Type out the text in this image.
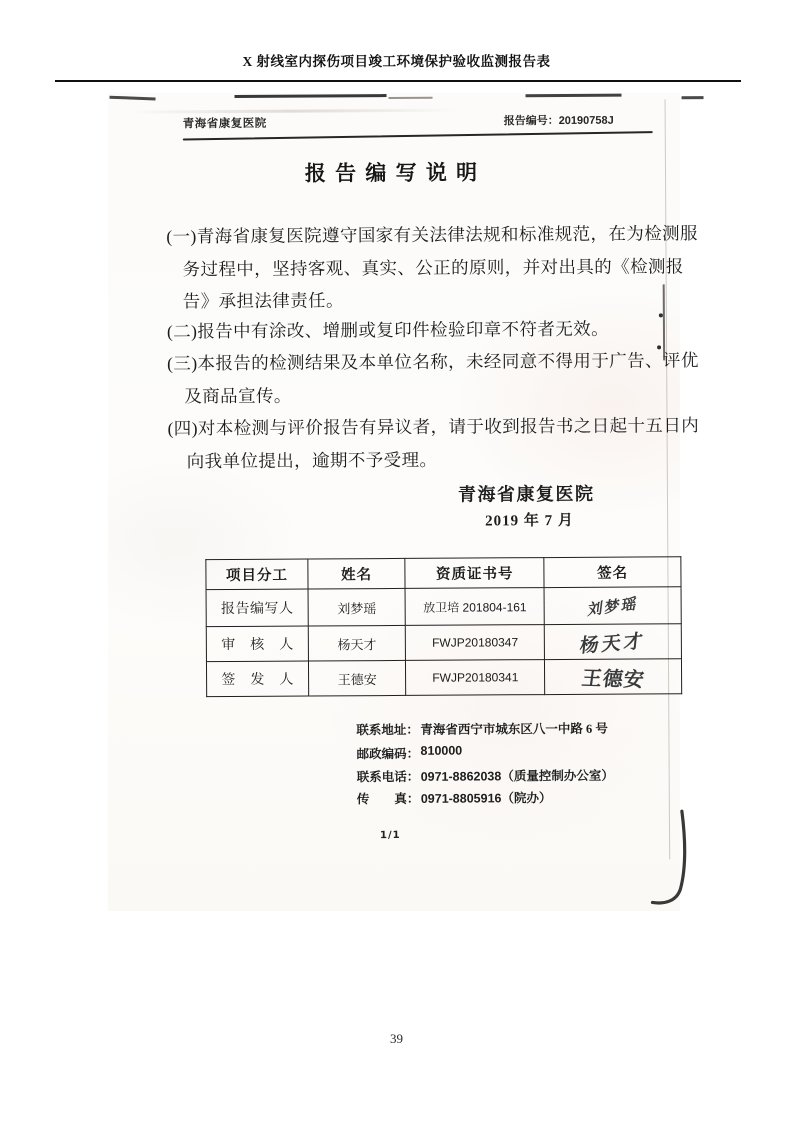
X 射线室内探伤项目竣工环境保护验收监测报告表
青海省康复医院	报告编号：20190758J
报 告 编 写 说 明
(一)青海省康复医院遵守国家有关法律法规和标准规范，在为检测服
务过程中，坚持客观、真实、公正的原则，并对出具的《检测报
告》承担法律责任。
(二)报告中有涂改、增删或复印件检验印章不符者无效。
(三)本报告的检测结果及本单位名称，未经同意不得用于广告、评优
及商品宣传。
(四)对本检测与评价报告有异议者，请于收到报告书之日起十五日内
向我单位提出，逾期不予受理。
青海省康复医院
2019 年 7 月
项目分工	姓名	资质证书号	签名
报告编写人	刘梦瑶	放卫培 201804-161	刘梦瑶
审　核　人	杨天才	FWJP20180347	杨天才
签　发　人	王德安	FWJP20180341	王德安
联系地址： 青海省西宁市城东区八一中路 6 号
邮政编码： 810000
联系电话： 0971-8862038（质量控制办公室）
传　　真： 0971-8805916（院办）
1/1
39
